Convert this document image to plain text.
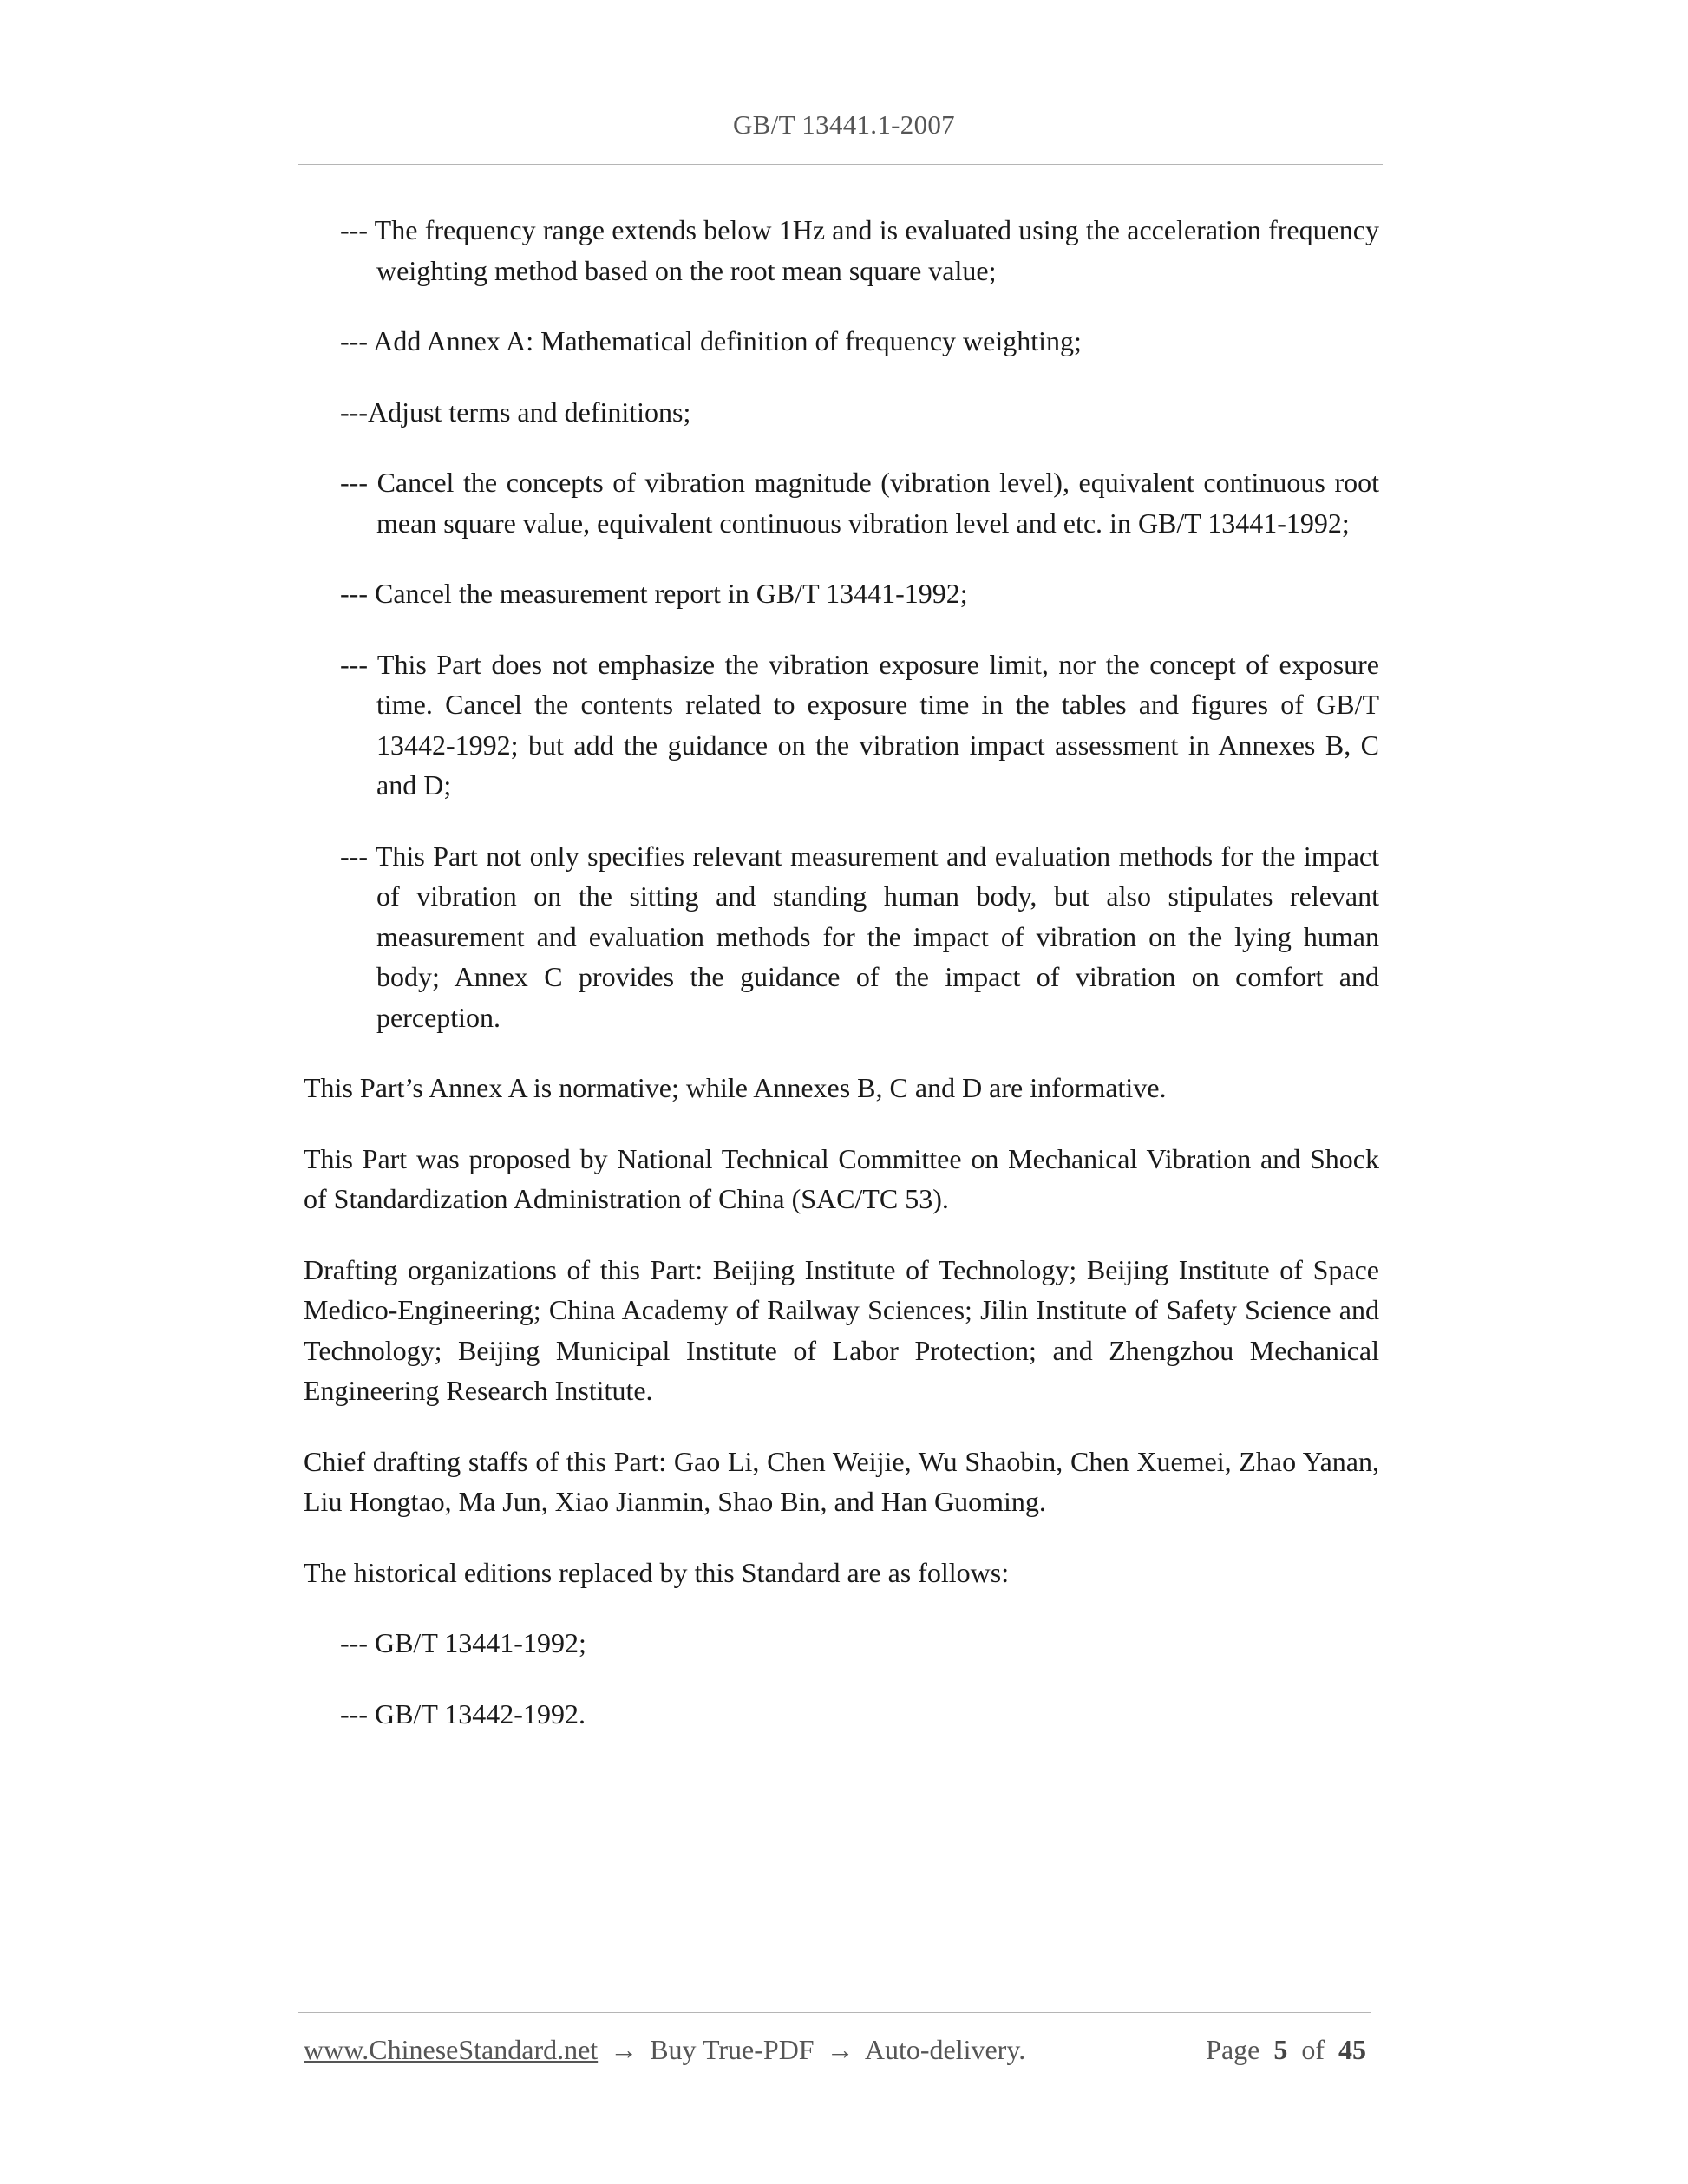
GB/T 13441.1-2007

--- The frequency range extends below 1Hz and is evaluated using the acceleration frequency weighting method based on the root mean square value;

--- Add Annex A: Mathematical definition of frequency weighting;

---Adjust terms and definitions;

--- Cancel the concepts of vibration magnitude (vibration level), equivalent continuous root mean square value, equivalent continuous vibration level and etc. in GB/T 13441-1992;

--- Cancel the measurement report in GB/T 13441-1992;

--- This Part does not emphasize the vibration exposure limit, nor the concept of exposure time. Cancel the contents related to exposure time in the tables and figures of GB/T 13442-1992; but add the guidance on the vibration impact assessment in Annexes B, C and D;

--- This Part not only specifies relevant measurement and evaluation methods for the impact of vibration on the sitting and standing human body, but also stipulates relevant measurement and evaluation methods for the impact of vibration on the lying human body; Annex C provides the guidance of the impact of vibration on comfort and perception.

This Part’s Annex A is normative; while Annexes B, C and D are informative.

This Part was proposed by National Technical Committee on Mechanical Vibration and Shock of Standardization Administration of China (SAC/TC 53).

Drafting organizations of this Part: Beijing Institute of Technology; Beijing Institute of Space Medico-Engineering; China Academy of Railway Sciences; Jilin Institute of Safety Science and Technology; Beijing Municipal Institute of Labor Protection; and Zhengzhou Mechanical Engineering Research Institute.

Chief drafting staffs of this Part: Gao Li, Chen Weijie, Wu Shaobin, Chen Xuemei, Zhao Yanan, Liu Hongtao, Ma Jun, Xiao Jianmin, Shao Bin, and Han Guoming.

The historical editions replaced by this Standard are as follows:

--- GB/T 13441-1992;

--- GB/T 13442-1992.

www.ChineseStandard.net → Buy True-PDF → Auto-delivery.	Page 5 of 45
